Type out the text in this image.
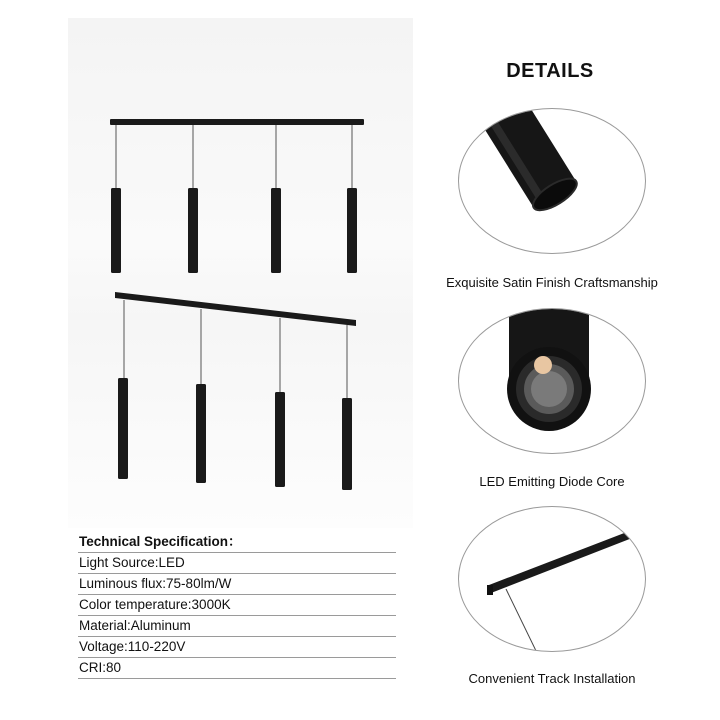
DETAILS
Exquisite Satin Finish Craftsmanship
LED Emitting Diode Core
Convenient Track Installation
Technical Specification：
Light Source:LED
Luminous flux:75-80lm/W
Color temperature:3000K
Material:Aluminum
Voltage:110-220V
CRI:80
